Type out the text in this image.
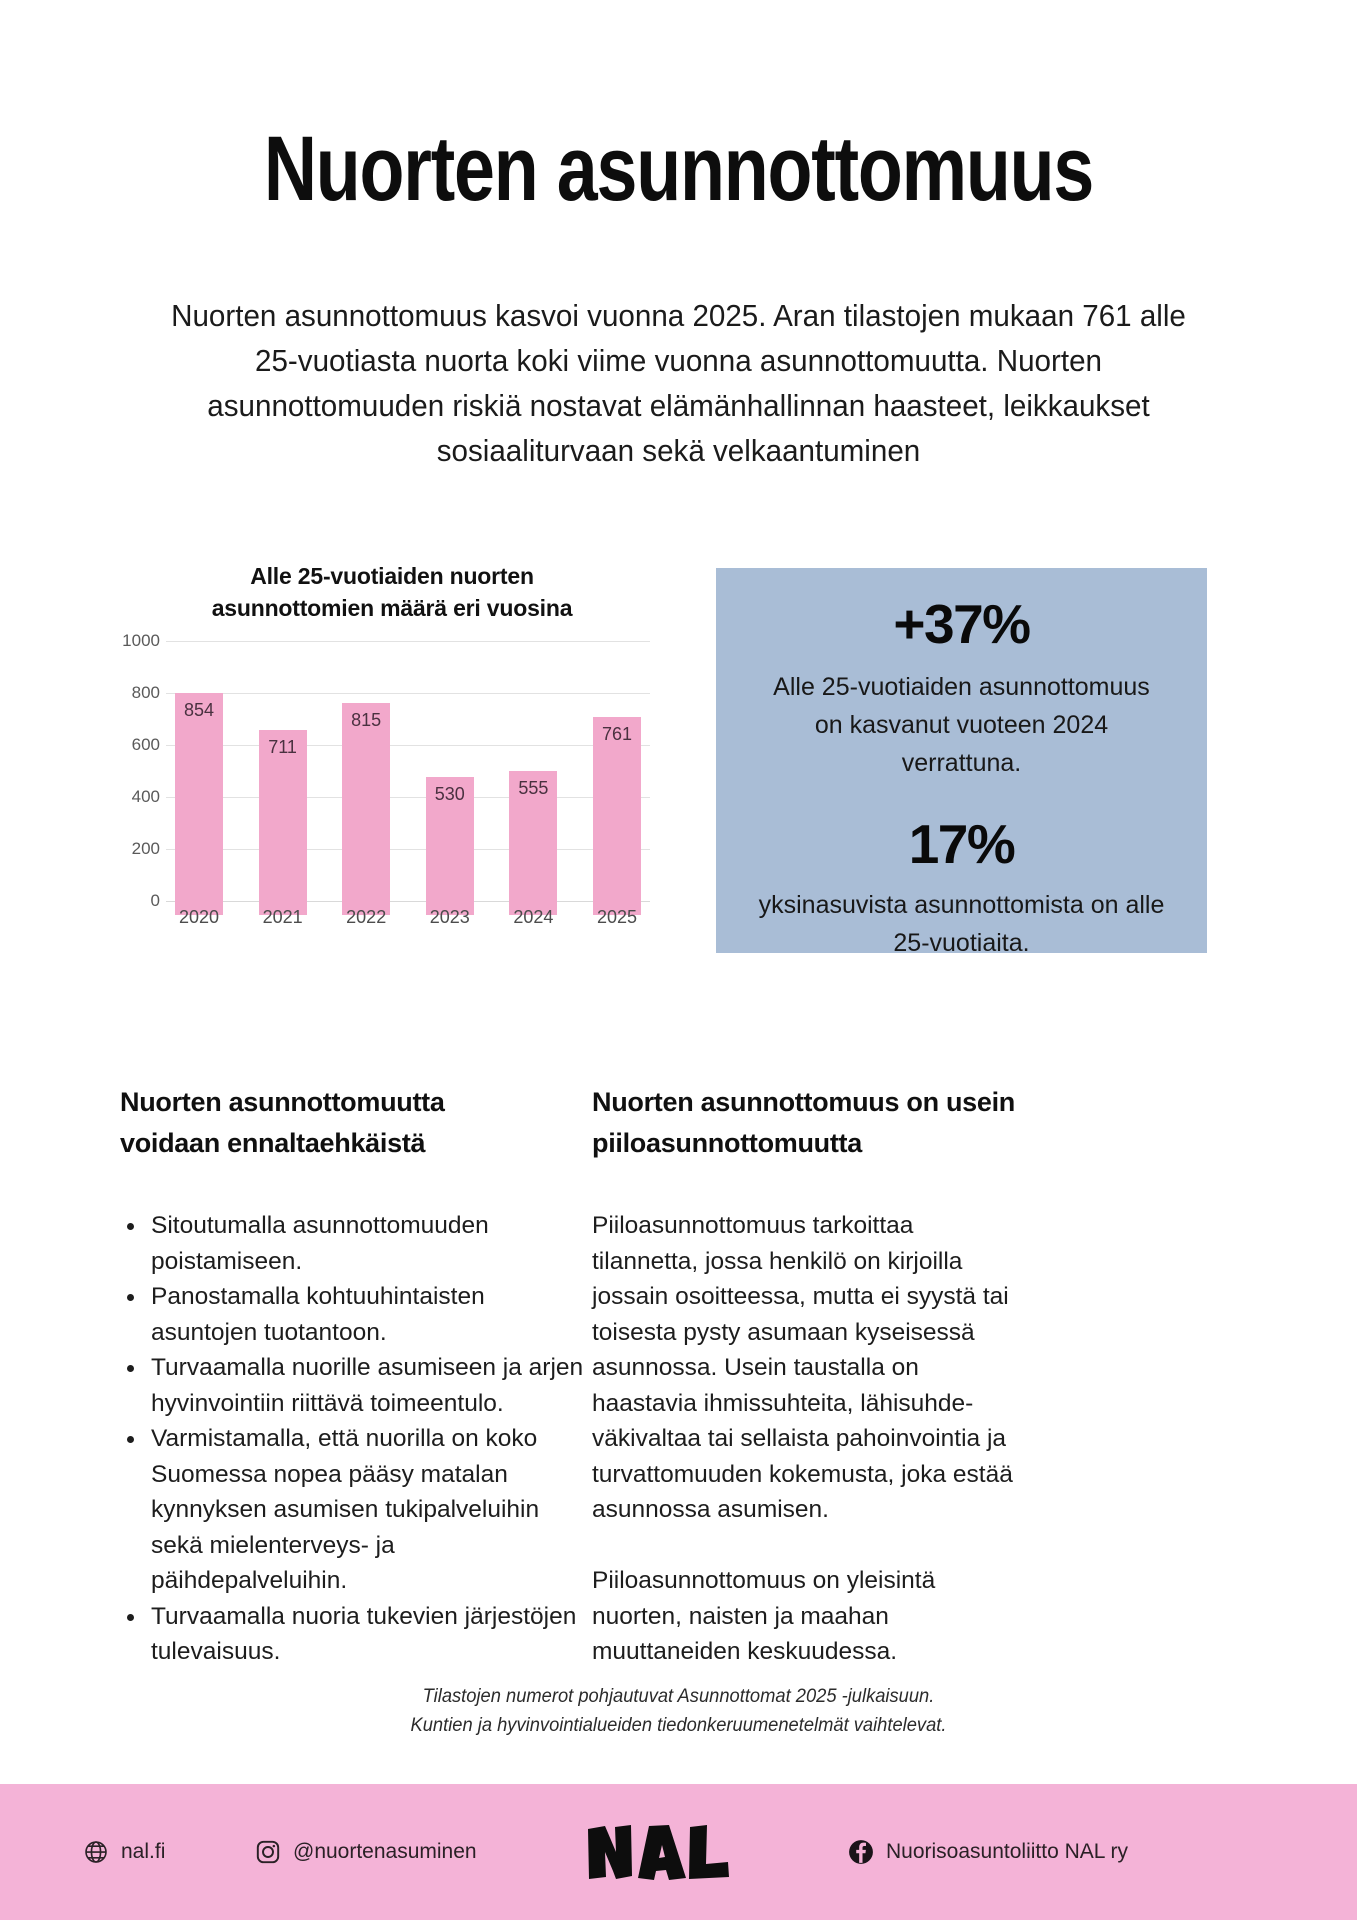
Nuorten asunnottomuus
Nuorten asunnottomuus kasvoi vuonna 2025. Aran tilastojen mukaan 761 alle 25-vuotiasta nuorta koki viime vuonna asunnottomuutta. Nuorten asunnottomuuden riskiä nostavat elämänhallinnan haasteet, leikkaukset sosiaaliturvaan sekä velkaantuminen
Alle 25-vuotiaiden nuorten
asunnottomien määrä eri vuosina
1000
800
600
400
200
0
854
711
815
530	555
761
2020	2021	2022	2023	2024	2025
+37%
Alle 25-vuotiaiden asunnottomuus on kasvanut vuoteen 2024 verrattuna.
17%
yksinasuvista asunnottomista on alle 25-vuotiaita.
Nuorten asunnottomuutta voidaan ennaltaehkäistä
Sitoutumalla asunnottomuuden poistamiseen.
Panostamalla kohtuuhintaisten asuntojen tuotantoon.
Turvaamalla nuorille asumiseen ja arjen hyvinvointiin riittävä toimeentulo.
Varmistamalla, että nuorilla on koko Suomessa nopea pääsy matalan kynnyksen asumisen tukipalveluihin sekä mielenterveys- ja päihdepalveluihin.
Turvaamalla nuoria tukevien järjestöjen tulevaisuus.
Nuorten asunnottomuus on usein piiloasunnottomuutta

Piiloasunnottomuus tarkoittaa tilannetta, jossa henkilö on kirjoilla jossain osoitteessa, mutta ei syystä tai toisesta pysty asumaan kyseisessä asunnossa. Usein taustalla on haastavia ihmissuhteita, lähisuhde-väkivaltaa tai sellaista pahoinvointia ja turvattomuuden kokemusta, joka estää asunnossa asumisen.

Piiloasunnottomuus on yleisintä nuorten, naisten ja maahan muuttaneiden keskuudessa.

Tilastojen numerot pohjautuvat Asunnottomat 2025 -julkaisuun.
Kuntien ja hyvinvointialueiden tiedonkeruumenetelmät vaihtelevat.
nal.fi	@nuortenasuminen	Nuorisoasuntoliitto NAL ry
